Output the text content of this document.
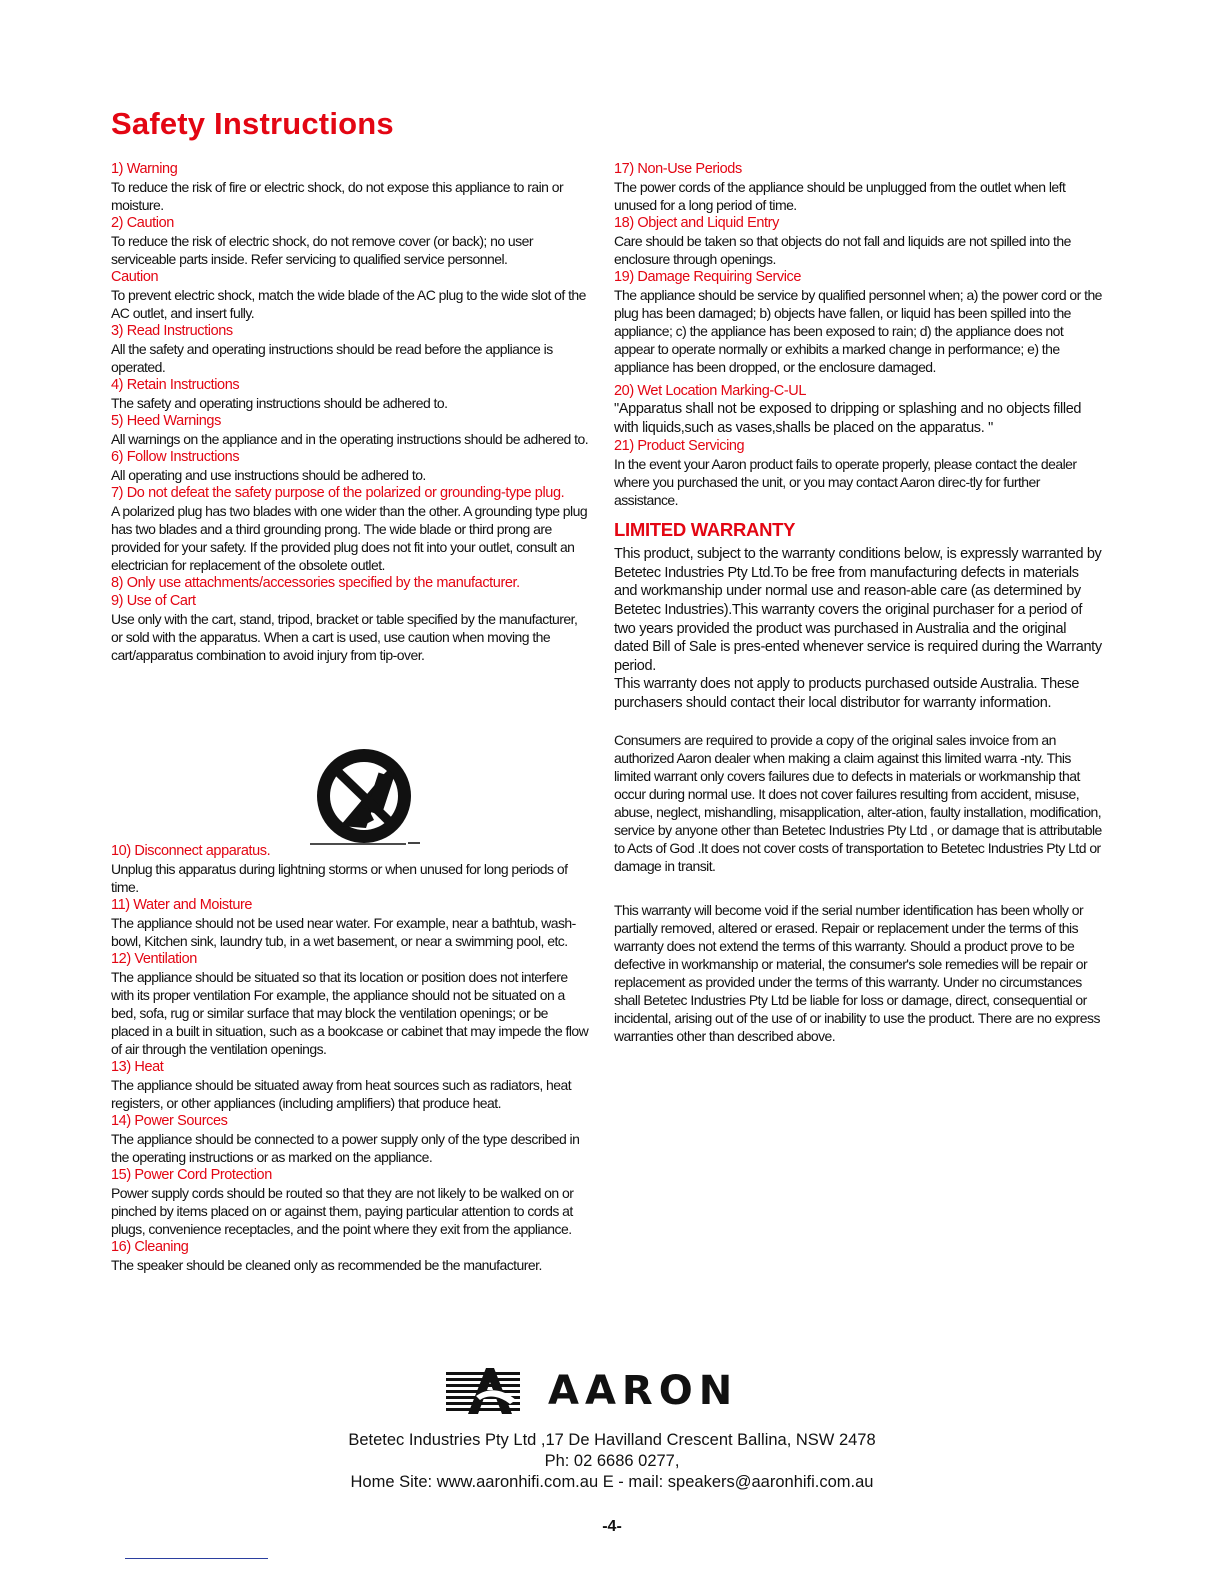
Safety Instructions
1) Warning
To reduce the risk of fire or electric shock, do not expose this appliance to rain or moisture.
2) Caution
To reduce the risk of electric shock, do not remove cover (or back); no user serviceable parts inside. Refer servicing to qualified service personnel.
Caution
To prevent electric shock, match the wide blade of the AC plug to the wide slot of the AC outlet, and insert fully.
3) Read Instructions
All the safety and operating instructions should be read before the appliance is operated.
4) Retain Instructions
The safety and operating instructions should be adhered to.
5) Heed Warnings
All warnings on the appliance and in the operating instructions should be adhered to.
6) Follow Instructions
All operating and use instructions should be adhered to.
7) Do not defeat the safety purpose of the polarized or grounding-type plug.
A polarized plug has two blades with one wider than the other. A grounding type plug has two blades and a third grounding prong. The wide blade or third prong are provided for your safety. If the provided plug does not fit into your outlet, consult an electrician for replacement of the obsolete outlet.
8) Only use attachments/accessories specified by the manufacturer.
9) Use of Cart
Use only with the cart, stand, tripod, bracket or table specified by the manufacturer, or sold with the apparatus. When a cart is used, use caution when moving the cart/apparatus combination to avoid injury from tip-over.
10) Disconnect apparatus.
Unplug this apparatus during lightning storms or when unused for long periods of time.
11) Water and Moisture
The appliance should not be used near water. For example, near a bathtub, wash-bowl, Kitchen sink, laundry tub, in a wet basement, or near a swimming pool, etc.
12) Ventilation
The appliance should be situated so that its location or position does not interfere with its proper ventilation For example, the appliance should not be situated on a bed, sofa, rug or similar surface that may block the ventilation openings; or be placed in a built in situation, such as a bookcase or cabinet that may impede the flow of air through the ventilation openings.
13) Heat
The appliance should be situated away from heat sources such as radiators, heat registers, or other appliances (including amplifiers) that produce heat.
14) Power Sources
The appliance should be connected to a power supply only of the type described in the operating instructions or as marked on the appliance.
15) Power Cord Protection
Power supply cords should be routed so that they are not likely to be walked on or pinched by items placed on or against them, paying particular attention to cords at plugs, convenience receptacles, and the point where they exit from the appliance.
16) Cleaning
The speaker should be cleaned only as recommended be the manufacturer.
17) Non-Use Periods
The power cords of the appliance should be unplugged from the outlet when left unused for a long period of time.
18) Object and Liquid Entry
Care should be taken so that objects do not fall and liquids are not spilled into the enclosure through openings.
19) Damage Requiring Service
The appliance should be service by qualified personnel when; a) the power cord or the plug has been damaged; b) objects have fallen, or liquid has been spilled into the appliance; c) the appliance has been exposed to rain; d) the appliance does not appear to operate normally or exhibits a marked change in performance; e) the appliance has been dropped, or the enclosure damaged.
20) Wet Location Marking-C-UL
"Apparatus shall not be exposed to dripping or splashing and no objects filled with liquids,such as vases,shalls be placed on the apparatus. "
21) Product Servicing
In the event your Aaron product fails to operate properly, please contact the dealer where you purchased the unit, or you may contact Aaron direc-tly for further assistance.
LIMITED WARRANTY
This product, subject to the warranty conditions below, is expressly warranted by Betetec Industries Pty Ltd.To be free from manufacturing defects in materials and workmanship under normal use and reason-able care (as determined by Betetec Industries).This warranty covers the original purchaser for a period of two years provided the product was purchased in Australia and the original dated Bill of Sale is pres-ented whenever service is required during the Warranty period.
This warranty does not apply to products purchased outside Australia. These purchasers should contact their local distributor for warranty information.
Consumers are required to provide a copy of the original sales invoice from an authorized Aaron dealer when making a claim against this limited warra -nty. This limited warrant only covers failures due to defects in materials or workmanship that occur during normal use. It does not cover failures resulting from accident, misuse, abuse, neglect, mishandling, misapplication, alter-ation, faulty installation, modification, service by anyone other than Betetec Industries Pty Ltd , or damage that is attributable to Acts of God .It does not cover costs of transportation to Betetec Industries Pty Ltd or damage in transit.
This warranty will become void if the serial number identification has been wholly or partially removed, altered or erased. Repair or replacement under the terms of this warranty does not extend the terms of this warranty. Should a product prove to be defective in workmanship or material, the consumer's sole remedies will be repair or replacement as provided under the terms of this warranty. Under no circumstances shall Betetec Industries Pty Ltd be liable for loss or damage, direct, consequential or incidental, arising out of the use of or inability to use the product. There are no express warranties other than described above.
AARON
Betetec Industries Pty Ltd ,17 De Havilland Crescent Ballina, NSW 2478
Ph: 02 6686 0277,
Home Site: www.aaronhifi.com.au E - mail: speakers@aaronhifi.com.au
-4-
